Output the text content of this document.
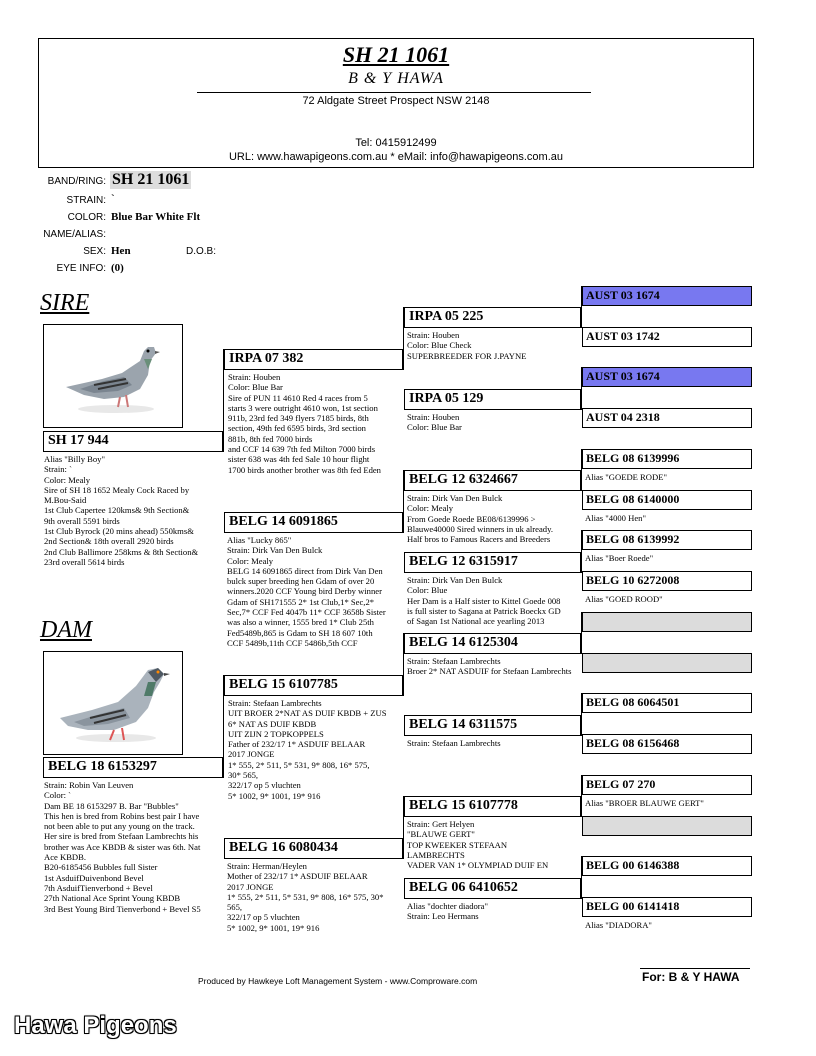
SH 21 1061
B & Y HAWA
72 Aldgate Street Prospect NSW 2148
Tel: 0415912499
URL: www.hawapigeons.com.au * eMail: info@hawapigeons.com.au
BAND/RING: SH 21 1061
STRAIN: `
COLOR: Blue Bar White Flt
NAME/ALIAS:
SEX: Hen	D.O.B:
EYE INFO: (0)
SIRE
DAM
SH 17 944
Alias "Billy Boy"
Strain: `
Color: Mealy
Sire of SH 18 1652 Mealy Cock Raced by
M.Bou-Said
1st Club Capertee 120kms& 9th Section&
9th overall 5591 birds
1st Club Byrock (20 mins ahead) 550kms&
2nd Section& 18th overall 2920 birds
2nd Club Ballimore 258kms & 8th Section&
23rd overall 5614 birds
BELG 18 6153297
Strain: Robin Van Leuven
Color: `
Dam BE 18 6153297 B. Bar "Bubbles"
This hen is bred from Robins best pair I have
not been able to put any young on the track.
Her sire is bred from Stefaan Lambrechts his
brother was Ace KBDB & sister was 6th. Nat
Ace KBDB.
B20-6185456 Bubbles full Sister
1st AsduifDuivenbond Bevel
7th AsduifTienverbond + Bevel
27th National Ace Sprint Young KBDB
3rd Best Young Bird Tienverbond + Bevel S5
IRPA 07 382
Strain: Houben
Color: Blue Bar
Sire of PUN 11 4610 Red 4 races from 5
starts 3 were outright 4610 won, 1st section
911b, 23rd fed 349 flyers 7185 birds, 8th
section, 49th fed 6595 birds, 3rd section
881b, 8th fed 7000 birds
and CCF 14 639 7th fed Milton 7000 birds
sister 638 was 4th fed Sale 10 hour flight
1700 birds another brother was 8th fed Eden
BELG 14 6091865
Alias "Lucky 865"
Strain: Dirk Van Den Bulck
Color: Mealy
BELG 14 6091865 direct from Dirk Van Den
bulck super breeding hen Gdam of over 20
winners.2020 CCF Young bird Derby winner
Gdam of SH171555 2* 1st Club,1* Sec,2*
Sec,7* CCF Fed 4047b 11* CCF 3658b Sister
was also a winner, 1555 bred 1* Club 25th
Fed5489b,865 is Gdam to SH 18 607 10th
CCF 5489b,11th CCF 5486b,5th CCF
BELG 15 6107785
Strain: Stefaan Lambrechts
UIT BROER 2*NAT AS DUIF KBDB + ZUS
6* NAT AS DUIF KBDB
UIT ZIJN 2 TOPKOPPELS
Father of 232/17 1* ASDUIF BELAAR
2017 JONGE
1* 555, 2* 511, 5* 531, 9* 808, 16* 575,
30* 565,
322/17 op 5 vluchten
5* 1002, 9* 1001, 19* 916
BELG 16 6080434
Strain: Herman/Heylen
Mother of 232/17 1* ASDUIF BELAAR
2017 JONGE
1* 555, 2* 511, 5* 531, 9* 808, 16* 575, 30*
565,
322/17 op 5 vluchten
5* 1002, 9* 1001, 19* 916
IRPA 05 225
Strain: Houben
Color: Blue Check
SUPERBREEDER FOR J.PAYNE
IRPA 05 129
Strain: Houben
Color: Blue Bar
BELG 12 6324667
Strain: Dirk Van Den Bulck
Color: Mealy
From Goede Roede BE08/6139996 >
Blauwe40000 Sired winners in uk already.
Half bros to Famous Racers and Breeders
BELG 12 6315917
Strain: Dirk Van Den Bulck
Color: Blue
Her Dam is a Half sister to Kittel Goede 008
is full sister to Sagana at Patrick Boeckx GD
of Sagan 1st National ace yearling 2013
BELG 14 6125304
Strain: Stefaan Lambrechts
Broer 2* NAT ASDUIF for Stefaan Lambrechts
BELG 14 6311575
Strain: Stefaan Lambrechts
BELG 15 6107778
Strain: Gert Helyen
"BLAUWE GERT"
TOP KWEEKER STEFAAN
LAMBRECHTS
VADER VAN 1* OLYMPIAD DUIF EN
BELG 06 6410652
Alias "dochter diadora"
Strain: Leo Hermans
AUST 03 1674
AUST 03 1742
AUST 03 1674
AUST 04 2318
BELG 08 6139996
Alias "GOEDE RODE"
BELG 08 6140000
Alias "4000 Hen"
BELG 08 6139992
Alias "Boer Roede"
BELG 10 6272008
Alias "GOED ROOD"
BELG 08 6064501
BELG 08 6156468
BELG 07 270
Alias "BROER BLAUWE GERT"
BELG 00 6146388
BELG 00 6141418
Alias "DIADORA"
Produced by Hawkeye Loft Management System - www.Comproware.com	For: B & Y HAWA
Hawa Pigeons
